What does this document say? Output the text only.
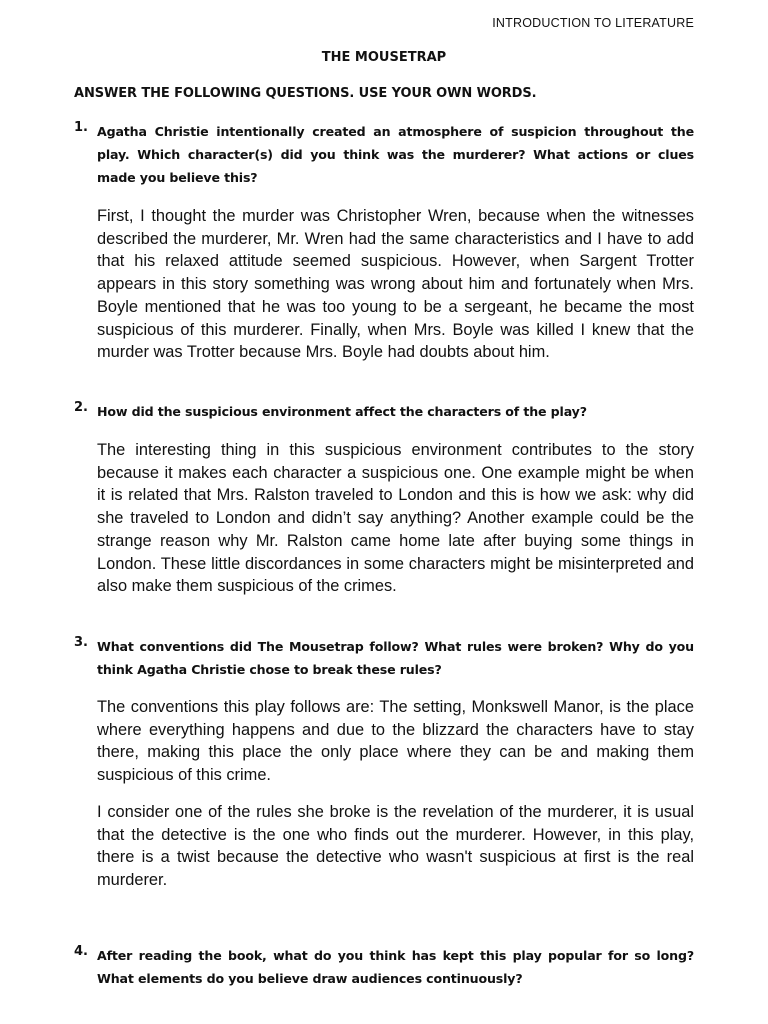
INTRODUCTION TO LITERATURE
THE MOUSETRAP
ANSWER THE FOLLOWING QUESTIONS. USE YOUR OWN WORDS.
1. Agatha Christie intentionally created an atmosphere of suspicion throughout the play. Which character(s) did you think was the murderer? What actions or clues made you believe this?
First, I thought the murder was Christopher Wren, because when the witnesses described the murderer, Mr. Wren had the same characteristics and I have to add that his relaxed attitude seemed suspicious. However, when Sargent Trotter appears in this story something was wrong about him and fortunately when Mrs. Boyle mentioned that he was too young to be a sergeant, he became the most suspicious of this murderer. Finally, when Mrs. Boyle was killed I knew that the murder was Trotter because Mrs. Boyle had doubts about him.
2. How did the suspicious environment affect the characters of the play?
The interesting thing in this suspicious environment contributes to the story because it makes each character a suspicious one. One example might be when it is related that Mrs. Ralston traveled to London and this is how we ask: why did she traveled to London and didn’t say anything? Another example could be the strange reason why Mr. Ralston came home late after buying some things in London. These little discordances in some characters might be misinterpreted and also make them suspicious of the crimes.
3. What conventions did The Mousetrap follow? What rules were broken? Why do you think Agatha Christie chose to break these rules?
The conventions this play follows are: The setting, Monkswell Manor, is the place where everything happens and due to the blizzard the characters have to stay there, making this place the only place where they can be and making them suspicious of this crime.
I consider one of the rules she broke is the revelation of the murderer, it is usual that the detective is the one who finds out the murderer. However, in this play, there is a twist because the detective who wasn't suspicious at first is the real murderer.
4. After reading the book, what do you think has kept this play popular for so long? What elements do you believe draw audiences continuously?
